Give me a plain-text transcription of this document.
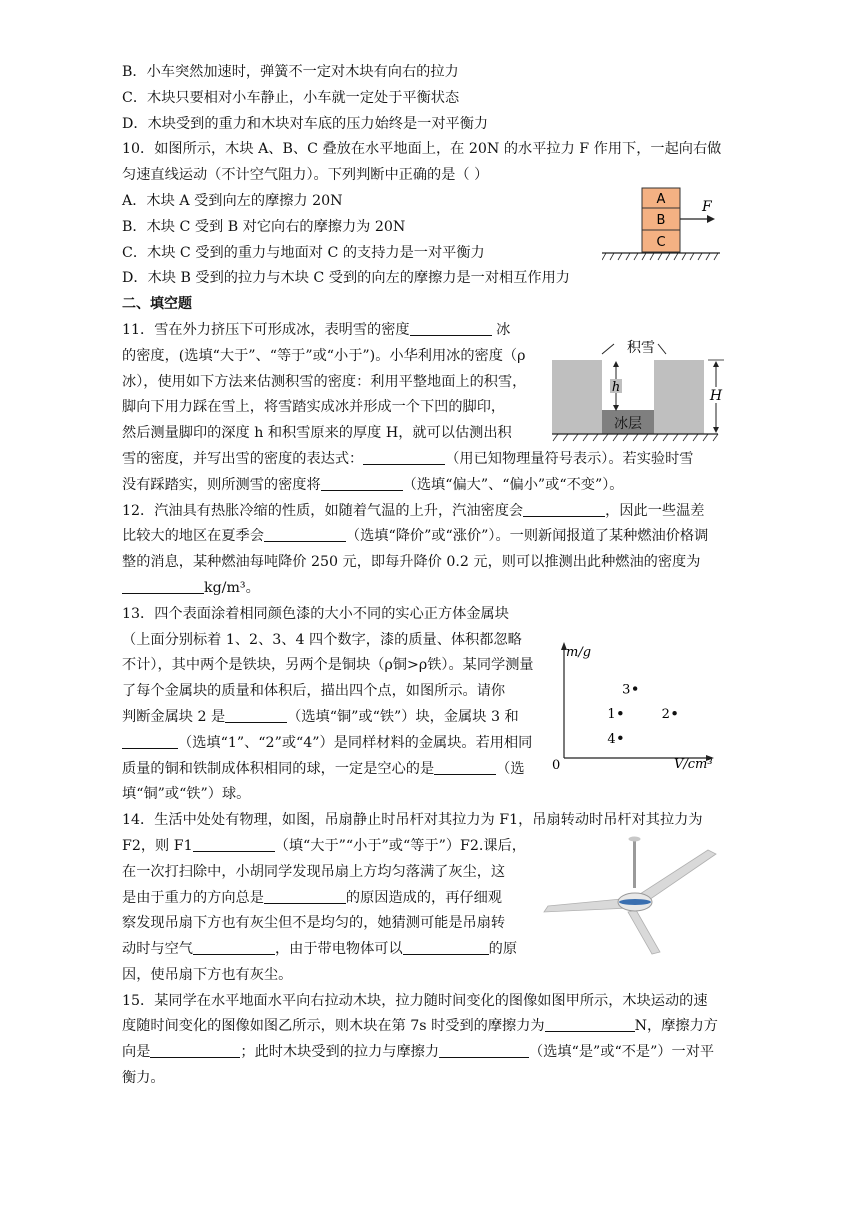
B．小车突然加速时，弹簧不一定对木块有向右的拉力
C．木块只要相对小车静止，小车就一定处于平衡状态
D．木块受到的重力和木块对车底的压力始终是一对平衡力
10．如图所示，木块 A、B、C 叠放在水平地面上，在 20N 的水平拉力 F 作用下，一起向右做
匀速直线运动（不计空气阻力）。下列判断中正确的是（ ）
A．木块 A 受到向左的摩擦力 20N
B．木块 C 受到 B 对它向右的摩擦力为 20N
C．木块 C 受到的重力与地面对 C 的支持力是一对平衡力
D．木块 B 受到的拉力与木块 C 受到的向左的摩擦力是一对相互作用力
二、填空题
11．雪在外力挤压下可形成冰，表明雪的密度	冰
的密度，(选填“大于”、“等于”或“小于”)。小华利用冰的密度（ρ
冰），使用如下方法来估测积雪的密度：利用平整地面上的积雪，
脚向下用力踩在雪上，将雪踏实成冰并形成一个下凹的脚印，
然后测量脚印的深度 h 和积雪原来的厚度 H，就可以估测出积
雪的密度，并写出雪的密度的表达式：	（用已知物理量符号表示）。若实验时雪
没有踩踏实，则所测雪的密度将	（选填“偏大”、“偏小”或“不变”）。
12．汽油具有热胀冷缩的性质，如随着气温的上升，汽油密度会	，因此一些温差
比较大的地区在夏季会	（选填“降价”或“涨价”）。一则新闻报道了某种燃油价格调
整的消息，某种燃油每吨降价 250 元，即每升降价 0.2 元，则可以推测出此种燃油的密度为
kg/m³。
13．四个表面涂着相同颜色漆的大小不同的实心正方体金属块
（上面分别标着 1、2、3、4 四个数字，漆的质量、体积都忽略
不计），其中两个是铁块，另两个是铜块（ρ铜>ρ铁）。某同学测量
了每个金属块的质量和体积后，描出四个点，如图所示。请你
判断金属块 2 是	（选填“铜”或“铁”）块，金属块 3 和
（选填“1”、“2”或“4”）是同样材料的金属块。若用相同
质量的铜和铁制成体积相同的球，一定是空心的是	（选
填“铜”或“铁”）球。
14．生活中处处有物理，如图，吊扇静止时吊杆对其拉力为 F1，吊扇转动时吊杆对其拉力为
F2，则 F1	（填“大于”“小于”或“等于”）F2.课后，
在一次打扫除中，小胡同学发现吊扇上方均匀落满了灰尘，这
是由于重力的方向总是	的原因造成的，再仔细观
察发现吊扇下方也有灰尘但不是均匀的，她猜测可能是吊扇转
动时与空气	，由于带电物体可以	的原
因，使吊扇下方也有灰尘。
15．某同学在水平地面水平向右拉动木块，拉力随时间变化的图像如图甲所示，木块运动的速
度随时间变化的图像如图乙所示，则木块在第 7s 时受到的摩擦力为	N，摩擦力方
向是	；此时木块受到的拉力与摩擦力	（选填“是”或“不是”）一对平
衡力。
A
B
C
F
冰层
积雪
h
H
m/g
V/cm³
0
1	2
3
4
